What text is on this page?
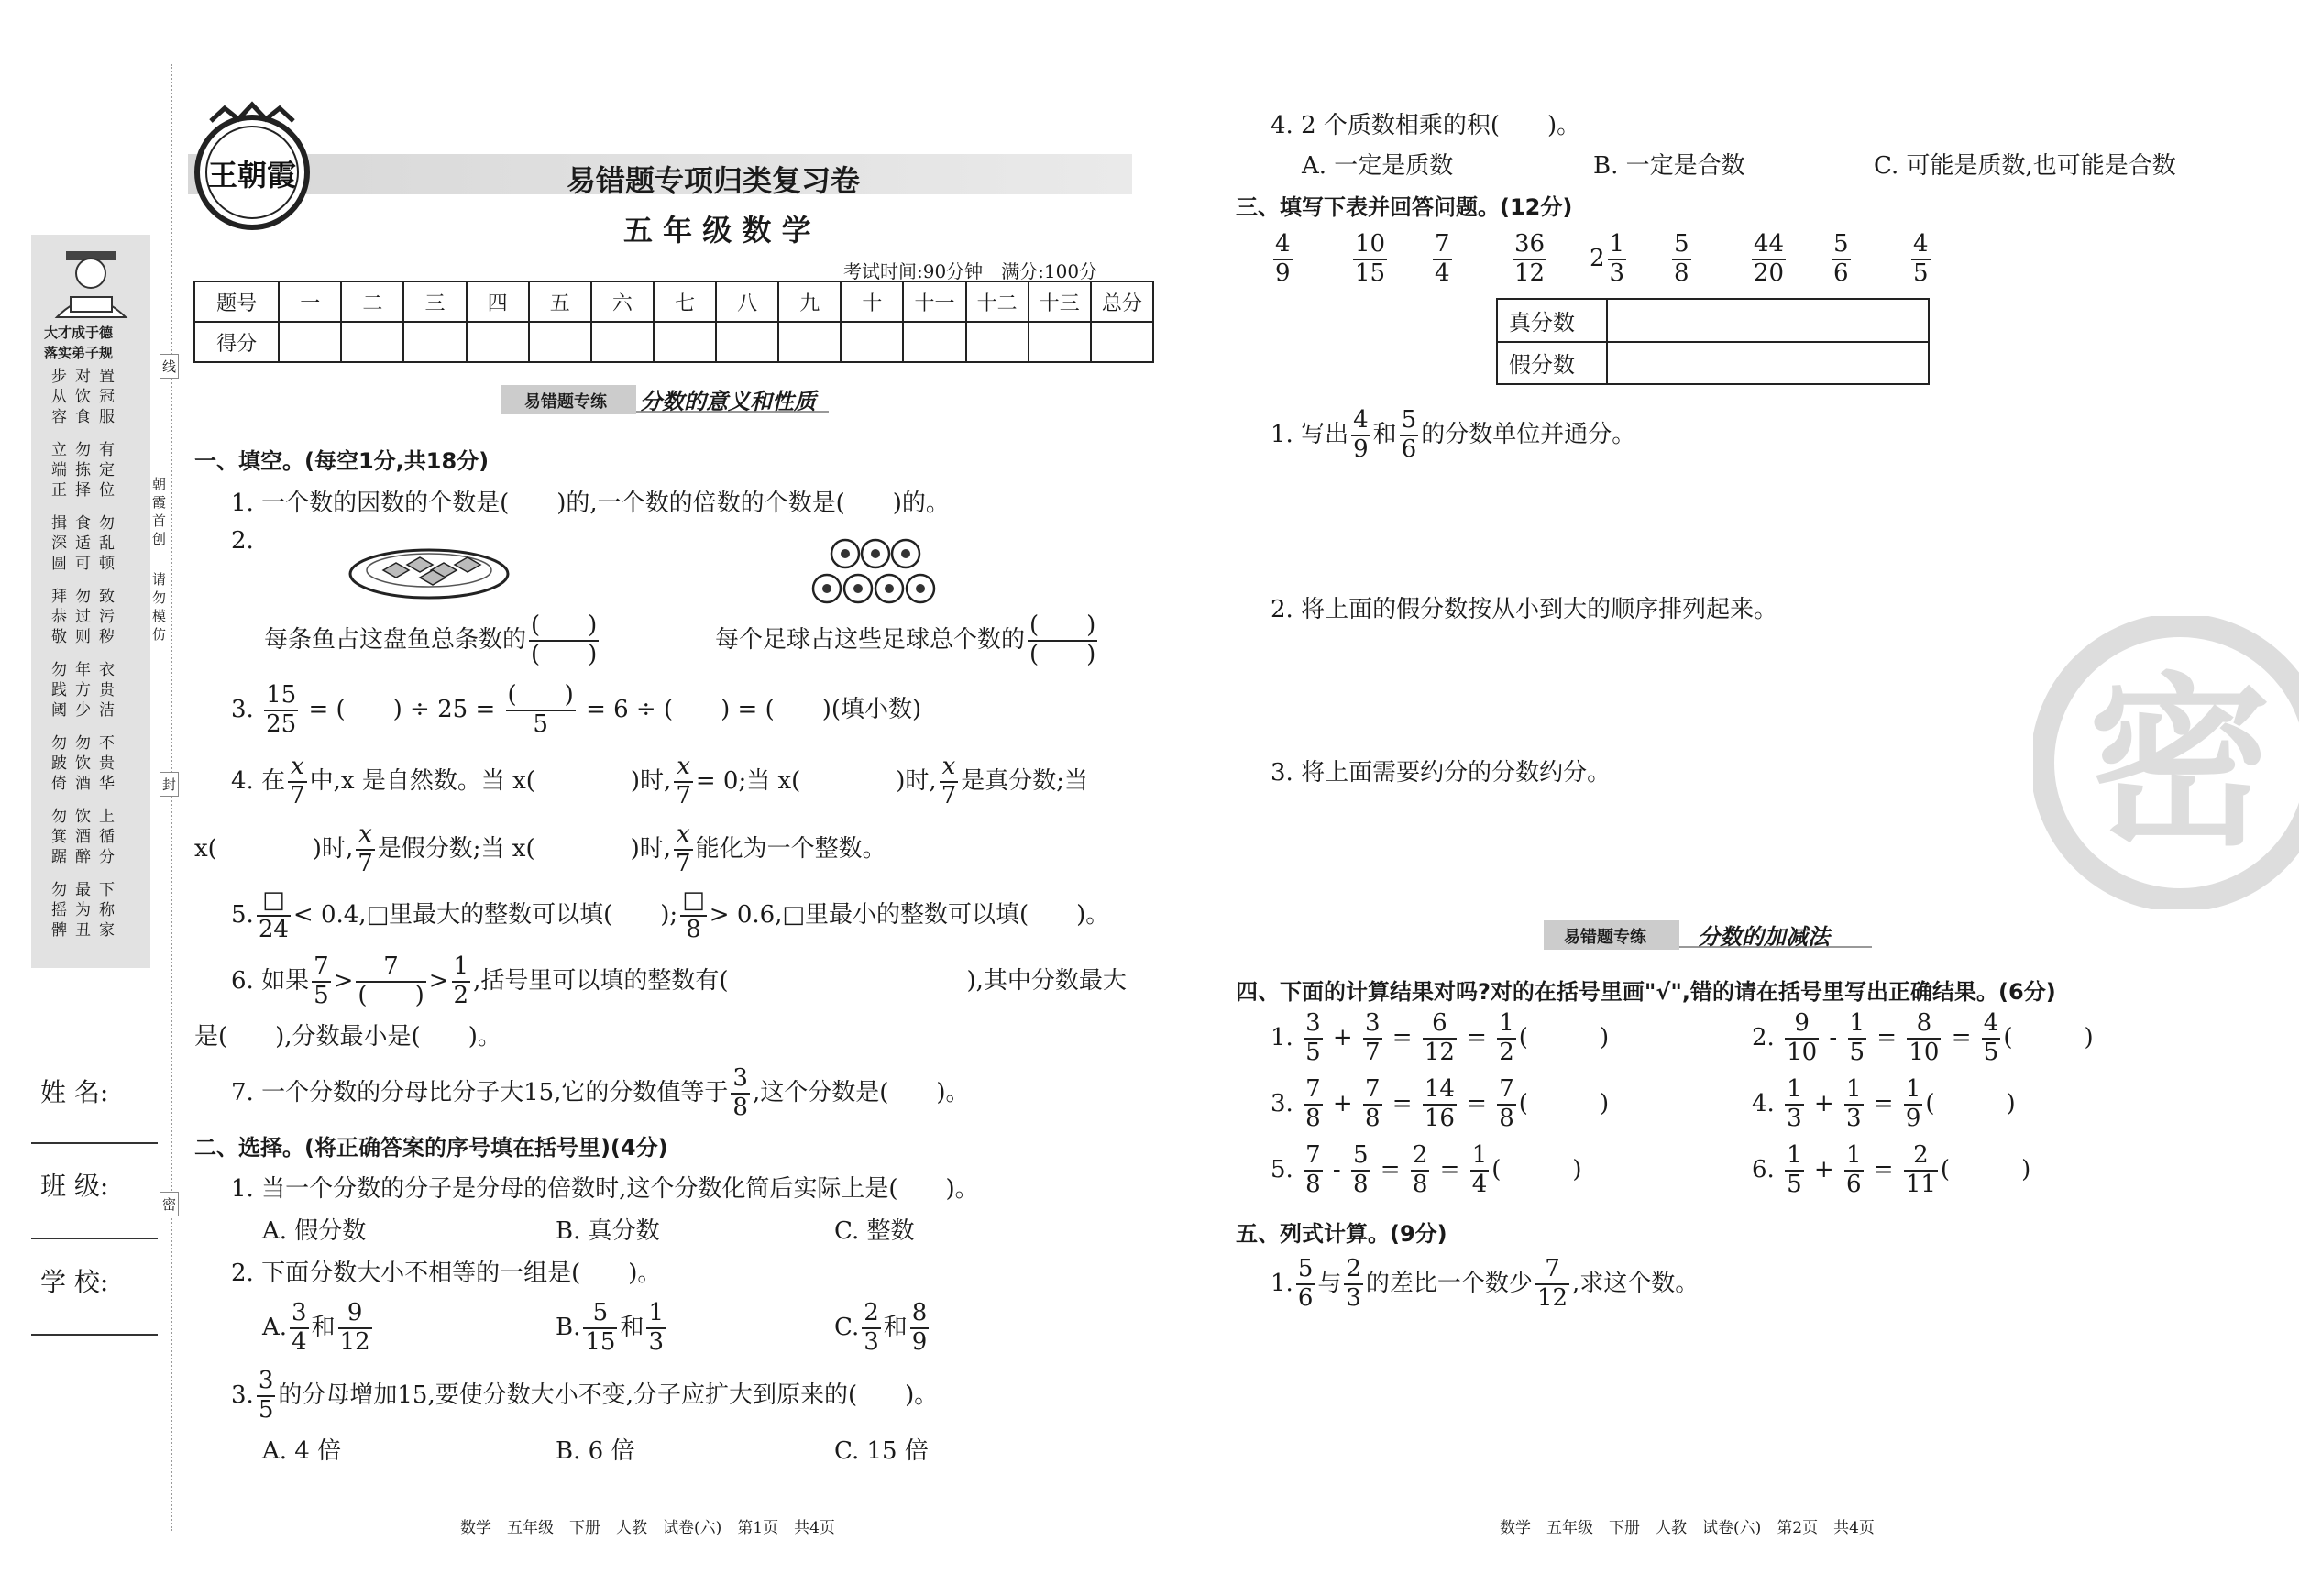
大才成于德
落实弟子规
步从容
对饮食
置冠服
立端正
勿拣择
有定位
揖深圆
食适可
勿乱顿
拜恭敬
勿过则
致污秽
勿践阈
年方少
衣贵洁
勿跛倚
勿饮酒
不贵华
勿箕踞
饮酒醉
上循分
勿摇髀
最为丑
下称家
姓 名:
班 级:
学 校:
线
封
密
朝霞首创
请勿模仿
王朝霞	易错题专项归类复习卷
五 年 级 数 学
考试时间:90分钟　满分:100分
题号	一	二	三	四	五	六	七	八	九	十	十一	十二	十三	总分
得分														
易错题专练 分数的意义和性质
一、填空。(每空1分,共18分)
1. 一个数的因数的个数是(　　)的,一个数的倍数的个数是(　　)的。
2.
每条鱼占这盘鱼总条数的 $\frac{( )}{( )}$	每个足球占这些足球总个数的 $\frac{( )}{( )}$
3. $\frac{15}{25}$ = (　　) ÷ $25 = \frac{( )}{5} = 6$ ÷ (　　) = (　　)(填小数)
4. 在 $\frac{x}{7}$ 中,x 是自然数。当 x(　　　　)时, $\frac{x}{7} = 0$;当 x(　　　　)时, $\frac{x}{7}$ 是真分数;当
x(　　　　)时, $\frac{x}{7}$ 是假分数;当 x(　　　　)时, $\frac{x}{7}$ 能化为一个整数。
5. $\frac{□}{24}$ < 0.4,□里最大的整数可以填(　　); $\frac{□}{8}$ > 0.6,□里最小的整数可以填(　　)。
6. 如果 $\frac{7}{5} > \frac{7}{( )} > \frac{1}{2}$ ,括号里可以填的整数有(　　　　　　　　　　),其中分数最大
是(　　),分数最小是(　　)。
7. 一个分数的分母比分子大15,它的分数值等于 $\frac{3}{8}$ ,这个分数是(　　)。
二、选择。(将正确答案的序号填在括号里)(4分)
1. 当一个分数的分子是分母的倍数时,这个分数化简后实际上是(　　)。
A. 假分数	B. 真分数	C. 整数
2. 下面分数大小不相等的一组是(　　)。
A. $\frac{3}{4}$ 和 $\frac{9}{12}$	B. $\frac{5}{15}$ 和 $\frac{1}{3}$	C. $\frac{2}{3}$ 和 $\frac{8}{9}$
3. $\frac{3}{5}$ 的分母增加15,要使分数大小不变,分子应扩大到原来的(　　)。
A. 4 倍	B. 6 倍	C. 15 倍
数学　五年级　下册　人教　试卷(六)　第1页　共4页
4. 2 个质数相乘的积(　　)。
A. 一定是质数	B. 一定是合数	C. 可能是质数,也可能是合数
三、填写下表并回答问题。(12分)
$\frac{4}{9}$	$\frac{10}{15} \frac{7}{4}$	$\frac{36}{12} 2 \frac{1}{3} \frac{5}{8}$	$\frac{44}{20} \frac{5}{6}$	$\frac{4}{5}$
真分数	
假分数	
1. 写出 $\frac{4}{9}$ 和 $\frac{5}{6}$ 的分数单位并通分。
2. 将上面的假分数按从小到大的顺序排列起来。
3. 将上面需要约分的分数约分。	密
易错题专练 分数的加减法
四、下面的计算结果对吗?对的在括号里画"√",错的请在括号里写出正确结果。(6分)
1. $\frac{3}{5} + \frac{3}{7} = \frac{6}{12} = \frac{1}{2}$ (　　　)	2. $\frac{9}{10} - \frac{1}{5} = \frac{8}{10} = \frac{4}{5}$ (　　　)
3. $\frac{7}{8} + \frac{7}{8} = \frac{14}{16} = \frac{7}{8}$ (　　　)	4. $\frac{1}{3} + \frac{1}{3} = \frac{1}{9}$ (　　　)
5. $\frac{7}{8} - \frac{5}{8} = \frac{2}{8} = \frac{1}{4}$ (　　　)	6. $\frac{1}{5} + \frac{1}{6} = \frac{2}{11}$ (　　　)
五、列式计算。(9分)
1. $\frac{5}{6}$ 与 $\frac{2}{3}$ 的差比一个数少 $\frac{7}{12}$ ,求这个数。
数学　五年级　下册　人教　试卷(六)　第2页　共4页
